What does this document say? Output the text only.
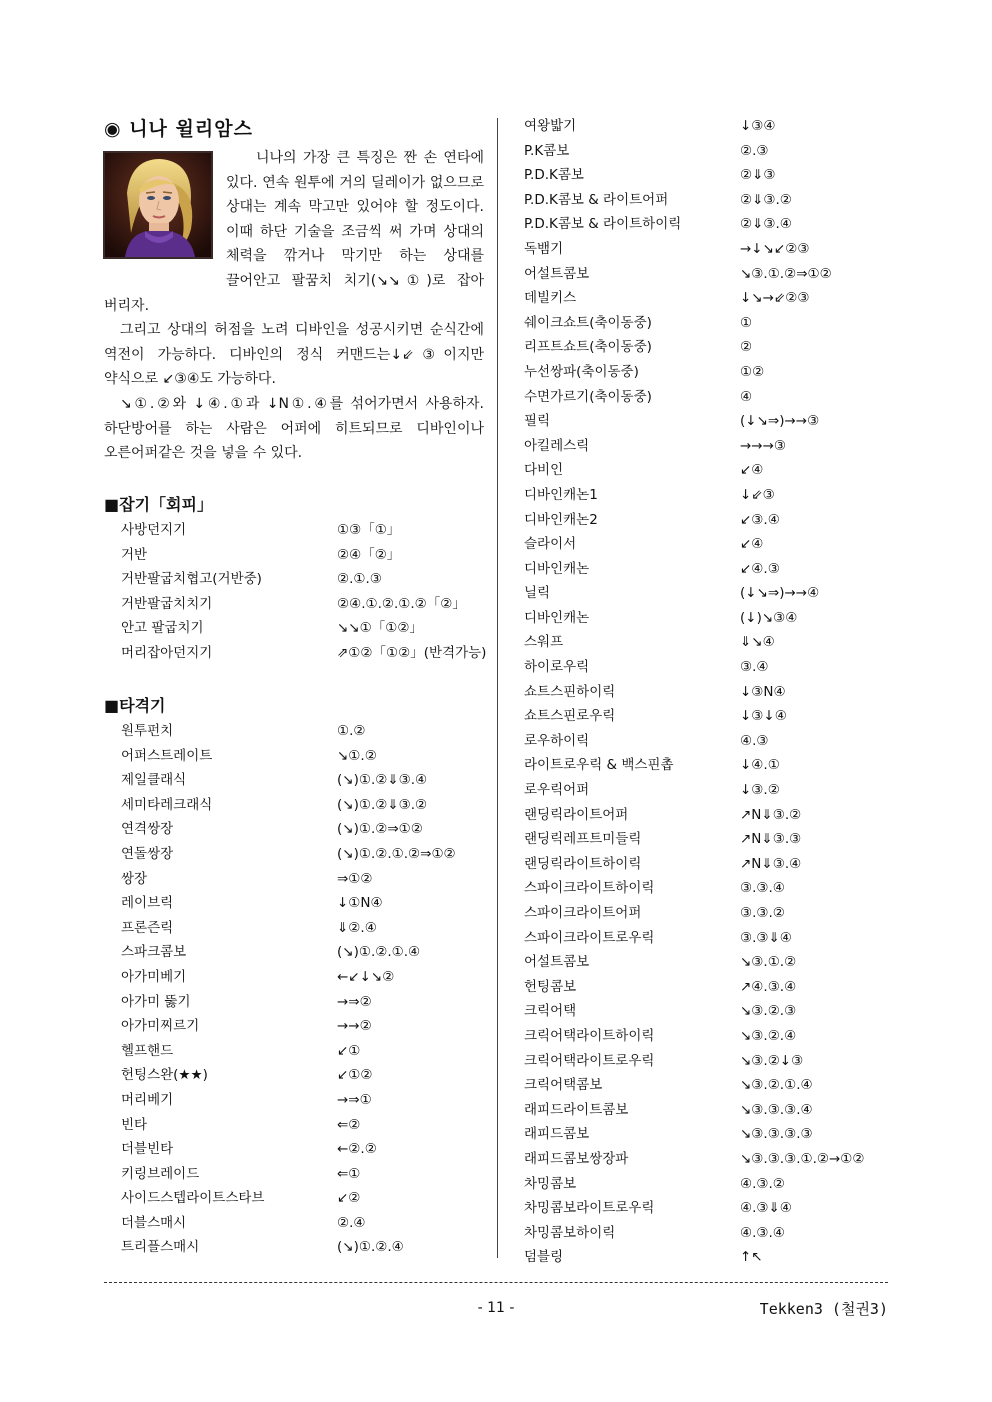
◉ 니나 윌리암스

니나의 가장 큰 특징은 짠 손 연타에 있다. 연속 원투에 거의 딜레이가 없으므로 상대는 계속 막고만 있어야 할 정도이다. 이때 하단 기술을 조금씩 써 가며 상대의 체력을 깎거나 막기만 하는 상대를 끌어안고 팔꿈치 치기(↘↘①)로 잡아 버리자.

그리고 상대의 허점을 노려 디바인을 성공시키면 순식간에 역전이 가능하다. 디바인의 정식 커맨드는↓⇙③이지만 약식으로 ↙③④도 가능하다.

↘①.②와 ↓④.①과 ↓N①.④를 섞어가면서 사용하자. 하단방어를 하는 사람은 어퍼에 히트되므로 디바인이나 오른어퍼같은 것을 넣을 수 있다.

■잡기「회피」
사방던지기	①③「①」
거반	②④「②」
거반팔굽치협고(거반중)	②.①.③
거반팔굽치치기	②④.①.②.①.②「②」
안고 팔굽치기	↘↘①「①②」
머리잡아던지기	⇗①②「①②」(반격가능)
■타격기
원투펀치	①.②
어퍼스트레이트	↘①.②
제일클래식	(↘)①.②⇓③.④
세미타레크래식	(↘)①.②⇓③.②
연격쌍장	(↘)①.②⇒①②
연돌쌍장	(↘)①.②.①.②⇒①②
쌍장	⇒①②
레이브릭	↓①N④
프론즌릭	⇓②.④
스파크콤보	(↘)①.②.①.④
아가미베기	←↙↓↘②
아가미 뚫기	→⇒②
아가미찌르기	→→②
헬프핸드	↙①
헌팅스완(★★)	↙①②
머리베기	→⇒①
빈타	⇐②
더블빈타	←②.②
키링브레이드	⇐①
사이드스텝라이트스타브	↙②
더블스매시	②.④
트리플스매시	(↘)①.②.④
여왕밟기	↓③④
P.K콤보	②.③
P.D.K콤보	②⇓③
P.D.K콤보 & 라이트어퍼	②⇓③.②
P.D.K콤보 & 라이트하이릭	②⇓③.④
독뱀기	→↓↘↙②③
어설트콤보	↘③.①.②⇒①②
데빌키스	↓↘→⇙②③
쉐이크쇼트(축이동중)	①
리프트쇼트(축이동중)	②
누선쌍파(축이동중)	①②
수면가르기(축이동중)	④
필릭	(↓↘⇒)→→③
아킬레스릭	→→→③
다비인	↙④
디바인캐논1	↓⇙③
디바인캐논2	↙③.④
슬라이서	↙④
디바인캐논	↙④.③
닐릭	(↓↘⇒)→→④
디바인캐논	(↓)↘③④
스워프	⇓↘④
하이로우릭	③.④
쇼트스핀하이릭	↓③N④
쇼트스핀로우릭	↓③↓④
로우하이릭	④.③
라이트로우릭 & 백스핀촙	↓④.①
로우릭어퍼	↓③.②
랜딩릭라이트어퍼	↗N⇓③.②
랜딩릭레프트미들릭	↗N⇓③.③
랜딩릭라이트하이릭	↗N⇓③.④
스파이크라이트하이릭	③.③.④
스파이크라이트어퍼	③.③.②
스파이크라이트로우릭	③.③⇓④
어설트콤보	↘③.①.②
헌팅콤보	↗④.③.④
크릭어택	↘③.②.③
크릭어택라이트하이릭	↘③.②.④
크릭어택라이트로우릭	↘③.②↓③
크릭어택콤보	↘③.②.①.④
래피드라이트콤보	↘③.③.③.④
래피드콤보	↘③.③.③.③
래피드콤보쌍장파	↘③.③.③.①.②→①②
차밍콤보	④.③.②
차밍콤보라이트로우릭	④.③⇓④
차밍콤보하이릭	④.③.④
덤블링	↑↖
- 11 -	Tekken3 (철권3)
